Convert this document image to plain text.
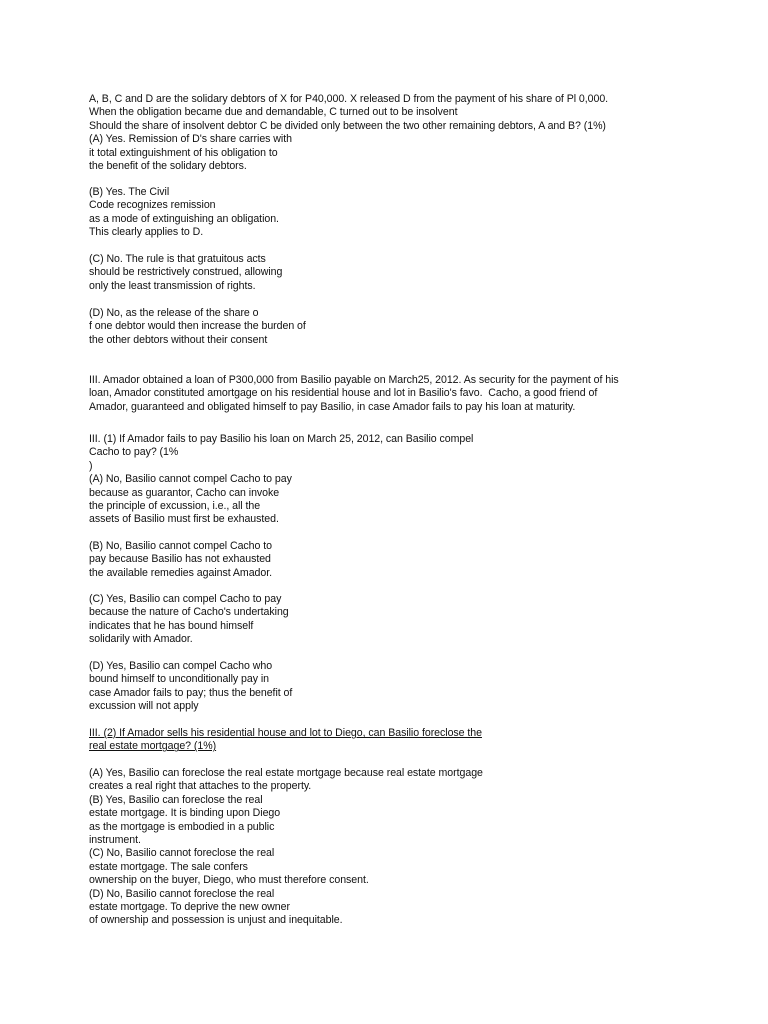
A, B, C and D are the solidary debtors of X for P40,000. X released D from the payment of his share of Pl 0,000.
When the obligation became due and demandable, C turned out to be insolvent
Should the share of insolvent debtor C be divided only between the two other remaining debtors, A and B? (1%)
(A) Yes. Remission of D's share carries with
it total extinguishment of his obligation to
the benefit of the solidary debtors.
(B) Yes. The Civil
Code recognizes remission
as a mode of extinguishing an obligation.
This clearly applies to D.
(C) No. The rule is that gratuitous acts
should be restrictively construed, allowing
only the least transmission of rights.
(D) No, as the release of the share o
f one debtor would then increase the burden of
the other debtors without their consent
III. Amador obtained a loan of P300,000 from Basilio payable on March25, 2012. As security for the payment of his
loan, Amador constituted amortgage on his residential house and lot in Basilio's favo.  Cacho, a good friend of
Amador, guaranteed and obligated himself to pay Basilio, in case Amador fails to pay his loan at maturity.
III. (1) If Amador fails to pay Basilio his loan on March 25, 2012, can Basilio compel
Cacho to pay? (1%
)
(A) No, Basilio cannot compel Cacho to pay
because as guarantor, Cacho can invoke
the principle of excussion, i.e., all the
assets of Basilio must first be exhausted.
(B) No, Basilio cannot compel Cacho to
pay because Basilio has not exhausted
the available remedies against Amador.
(C) Yes, Basilio can compel Cacho to pay
because the nature of Cacho's undertaking
indicates that he has bound himself
solidarily with Amador.
(D) Yes, Basilio can compel Cacho who
bound himself to unconditionally pay in
case Amador fails to pay; thus the benefit of
excussion will not apply
III. (2) If Amador sells his residential house and lot to Diego, can Basilio foreclose the
real estate mortgage? (1%)
(A) Yes, Basilio can foreclose the real estate mortgage because real estate mortgage
creates a real right that attaches to the property.
(B) Yes, Basilio can foreclose the real
estate mortgage. It is binding upon Diego
as the mortgage is embodied in a public
instrument.
(C) No, Basilio cannot foreclose the real
estate mortgage. The sale confers
ownership on the buyer, Diego, who must therefore consent.
(D) No, Basilio cannot foreclose the real
estate mortgage. To deprive the new owner
of ownership and possession is unjust and inequitable.
